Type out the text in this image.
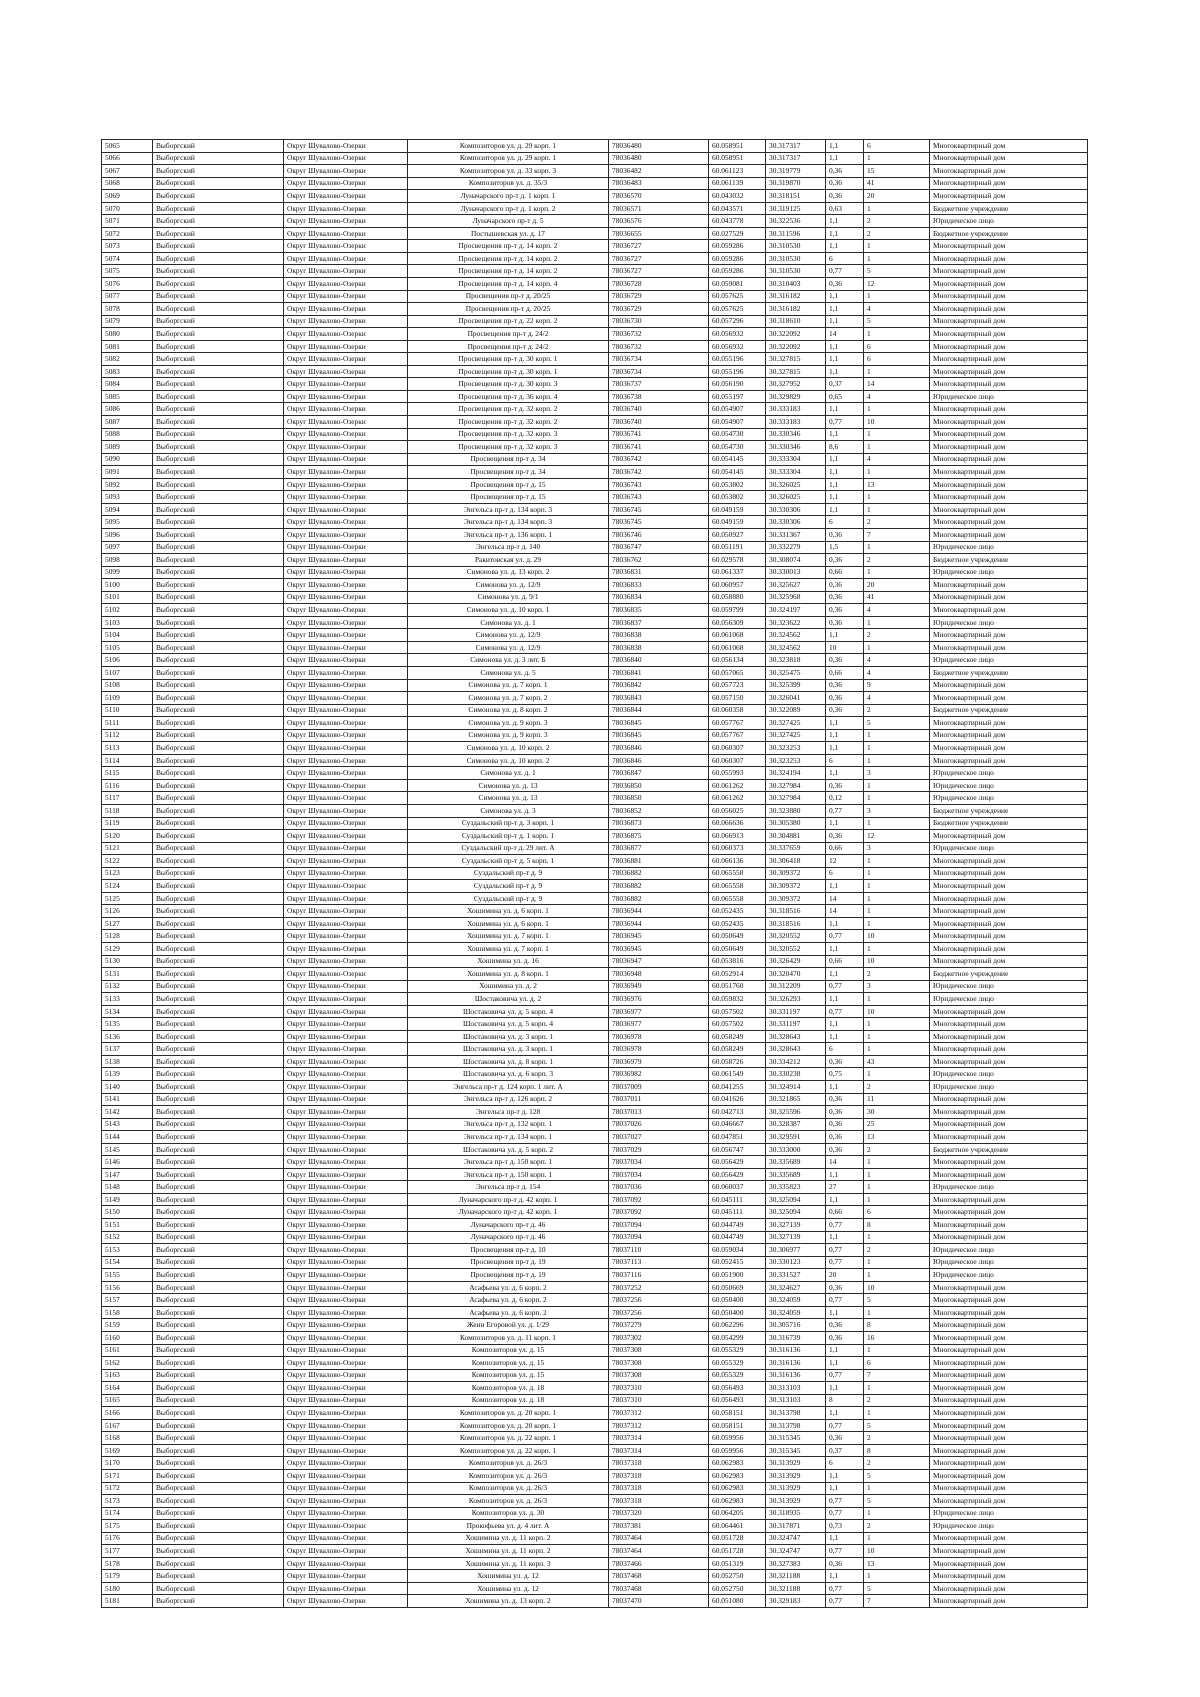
5065	Выборгский	Округ Шувалово-Озерки	Композиторов ул. д. 29 корп. 1	78036480	60.058951	30.317317	1,1	6	Многоквартирный дом
5066	Выборгский	Округ Шувалово-Озерки	Композиторов ул. д. 29 корп. 1	78036480	60.058951	30.317317	1,1	1	Многоквартирный дом
5067	Выборгский	Округ Шувалово-Озерки	Композиторов ул. д. 33 корп. 3	78036482	60.061123	30.319779	0,36	15	Многоквартирный дом
5068	Выборгский	Округ Шувалово-Озерки	Композиторов ул. д. 35/3	78036483	60.061139	30.319870	0,36	41	Многоквартирный дом
5069	Выборгский	Округ Шувалово-Озерки	Луначарского пр-т д. 1 корп. 1	78036570	60.043032	30.318151	0,36	20	Многоквартирный дом
5070	Выборгский	Округ Шувалово-Озерки	Луначарского пр-т д. 1 корп. 2	78036571	60.043571	30.319125	0,63	1	Бюджетное учреждение
5071	Выборгский	Округ Шувалово-Озерки	Луначарского пр-т д. 5	78036576	60.043778	30.322536	1,1	2	Юридическое лицо
5072	Выборгский	Округ Шувалово-Озерки	Постышевская ул. д. 17	78036655	60.027529	30.311596	1,1	2	Бюджетное учреждение
5073	Выборгский	Округ Шувалово-Озерки	Просвещения пр-т д. 14 корп. 2	78036727	60.059286	30.310530	1,1	1	Многоквартирный дом
5074	Выборгский	Округ Шувалово-Озерки	Просвещения пр-т д. 14 корп. 2	78036727	60.059286	30.310530	6	1	Многоквартирный дом
5075	Выборгский	Округ Шувалово-Озерки	Просвещения пр-т д. 14 корп. 2	78036727	60.059286	30.310530	0,77	5	Многоквартирный дом
5076	Выборгский	Округ Шувалово-Озерки	Просвещения пр-т д. 14 корп. 4	78036728	60.059081	30.310403	0,36	12	Многоквартирный дом
5077	Выборгский	Округ Шувалово-Озерки	Просвещения пр-т д. 20/25	78036729	60.057625	30.316182	1,1	1	Многоквартирный дом
5078	Выборгский	Округ Шувалово-Озерки	Просвещения пр-т д. 20/25	78036729	60.057625	30.316182	1,1	4	Многоквартирный дом
5079	Выборгский	Округ Шувалово-Озерки	Просвещения пр-т д. 22 корп. 2	78036730	60.057296	30.318610	1,1	5	Многоквартирный дом
5080	Выборгский	Округ Шувалово-Озерки	Просвещения пр-т д. 24/2	78036732	60.056932	30.322092	14	1	Многоквартирный дом
5081	Выборгский	Округ Шувалово-Озерки	Просвещения пр-т д. 24/2	78036732	60.056932	30.322092	1,1	6	Многоквартирный дом
5082	Выборгский	Округ Шувалово-Озерки	Просвещения пр-т д. 30 корп. 1	78036734	60.055196	30.327815	1,1	6	Многоквартирный дом
5083	Выборгский	Округ Шувалово-Озерки	Просвещения пр-т д. 30 корп. 1	78036734	60.055196	30.327815	1,1	1	Многоквартирный дом
5084	Выборгский	Округ Шувалово-Озерки	Просвещения пр-т д. 30 корп. 3	78036737	60.056190	30.327952	0,37	14	Многоквартирный дом
5085	Выборгский	Округ Шувалово-Озерки	Просвещения пр-т д. 36 корп. 4	78036738	60.055197	30.329829	0,65	4	Юридическое лицо
5086	Выборгский	Округ Шувалово-Озерки	Просвещения пр-т д. 32 корп. 2	78036740	60.054907	30.333183	1,1	1	Многоквартирный дом
5087	Выборгский	Округ Шувалово-Озерки	Просвещения пр-т д. 32 корп. 2	78036740	60.054907	30.333183	0,77	10	Многоквартирный дом
5088	Выборгский	Округ Шувалово-Озерки	Просвещения пр-т д. 32 корп. 3	78036741	60.054730	30.330346	1,1	1	Многоквартирный дом
5089	Выборгский	Округ Шувалово-Озерки	Просвещения пр-т д. 32 корп. 3	78036741	60.054730	30.330346	8,6	1	Многоквартирный дом
5090	Выборгский	Округ Шувалово-Озерки	Просвещения пр-т д. 34	78036742	60.054145	30.333304	1,1	4	Многоквартирный дом
5091	Выборгский	Округ Шувалово-Озерки	Просвещения пр-т д. 34	78036742	60.054145	30.333304	1,1	1	Многоквартирный дом
5092	Выборгский	Округ Шувалово-Озерки	Просвещения пр-т д. 15	78036743	60.053802	30.326025	1,1	13	Многоквартирный дом
5093	Выборгский	Округ Шувалово-Озерки	Просвещения пр-т д. 15	78036743	60.053802	30.326025	1,1	1	Многоквартирный дом
5094	Выборгский	Округ Шувалово-Озерки	Энгельса пр-т д. 134 корп. 3	78036745	60.049159	30.330306	1,1	1	Многоквартирный дом
5095	Выборгский	Округ Шувалово-Озерки	Энгельса пр-т д. 134 корп. 3	78036745	60.049159	30.330306	6	2	Многоквартирный дом
5096	Выборгский	Округ Шувалово-Озерки	Энгельса пр-т д. 136 корп. 1	78036746	60.050927	30.331367	0,36	7	Многоквартирный дом
5097	Выборгский	Округ Шувалово-Озерки	Энгельса пр-т д. 140	78036747	60.051191	30.332279	1,5	1	Юридическое лицо
5098	Выборгский	Округ Шувалово-Озерки	Ракитовская ул. д. 29	78036762	60.029578	30.308074	0,36	2	Бюджетное учреждение
5099	Выборгский	Округ Шувалово-Озерки	Симонова ул. д. 13 корп. 2	78036831	60.061337	30.330013	0,66	1	Юридическое лицо
5100	Выборгский	Округ Шувалово-Озерки	Симонова ул. д. 12/9	78036833	60.060957	30.325627	0,36	20	Многоквартирный дом
5101	Выборгский	Округ Шувалово-Озерки	Симонова ул. д. 9/1	78036834	60.058880	30.325968	0,36	41	Многоквартирный дом
5102	Выборгский	Округ Шувалово-Озерки	Симонова ул. д. 10 корп. 1	78036835	60.059799	30.324197	0,36	4	Многоквартирный дом
5103	Выборгский	Округ Шувалово-Озерки	Симонова ул. д. 1	78036837	60.056309	30.323622	0,36	1	Юридическое лицо
5104	Выборгский	Округ Шувалово-Озерки	Симонова ул. д. 12/9	78036838	60.061068	30.324562	1,1	2	Многоквартирный дом
5105	Выборгский	Округ Шувалово-Озерки	Симонова ул. д. 12/9	78036838	60.061068	30.324562	10	1	Многоквартирный дом
5106	Выборгский	Округ Шувалово-Озерки	Симонова ул. д. 3 лит. Б	78036840	60.056134	30.323818	0,36	4	Юридическое лицо
5107	Выборгский	Округ Шувалово-Озерки	Симонова ул. д. 5	78036841	60.057065	30.325475	0,66	4	Бюджетное учреждение
5108	Выборгский	Округ Шувалово-Озерки	Симонова ул. д. 7 корп. 1	78036842	60.057723	30.325399	0,36	9	Многоквартирный дом
5109	Выборгский	Округ Шувалово-Озерки	Симонова ул. д. 7 корп. 2	78036843	60.057150	30.326041	0,36	4	Многоквартирный дом
5110	Выборгский	Округ Шувалово-Озерки	Симонова ул. д. 8 корп. 2	78036844	60.060358	30.322089	0,36	2	Бюджетное учреждение
5111	Выборгский	Округ Шувалово-Озерки	Симонова ул. д. 9 корп. 3	78036845	60.057767	30.327425	1,1	5	Многоквартирный дом
5112	Выборгский	Округ Шувалово-Озерки	Симонова ул. д. 9 корп. 3	78036845	60.057767	30.327425	1,1	1	Многоквартирный дом
5113	Выборгский	Округ Шувалово-Озерки	Симонова ул. д. 10 корп. 2	78036846	60.060307	30.323253	1,1	1	Многоквартирный дом
5114	Выборгский	Округ Шувалово-Озерки	Симонова ул. д. 10 корп. 2	78036846	60.060307	30.323253	6	1	Многоквартирный дом
5115	Выборгский	Округ Шувалово-Озерки	Симонова ул. д. 1	78036847	60.055993	30.324194	1,1	3	Юридическое лицо
5116	Выборгский	Округ Шувалово-Озерки	Симонова ул. д. 13	78036850	60.061262	30.327984	0,36	1	Юридическое лицо
5117	Выборгский	Округ Шувалово-Озерки	Симонова ул. д. 13	78036850	60.061262	30.327984	0,12	1	Юридическое лицо
5118	Выборгский	Округ Шувалово-Озерки	Симонова ул. д. 3	78036852	60.056025	30.323880	0,77	3	Бюджетное учреждение
5119	Выборгский	Округ Шувалово-Озерки	Суздальский пр-т д. 3 корп. 1	78036873	60.066636	30.305380	1,1	1	Бюджетное учреждение
5120	Выборгский	Округ Шувалово-Озерки	Суздальский пр-т д. 1 корп. 1	78036875	60.066913	30.304881	0,36	12	Многоквартирный дом
5121	Выборгский	Округ Шувалово-Озерки	Суздальский пр-т д. 29 лит. А	78036877	60.060373	30.337659	0,66	3	Юридическое лицо
5122	Выборгский	Округ Шувалово-Озерки	Суздальский пр-т д. 5 корп. 1	78036881	60.066136	30.306418	12	1	Многоквартирный дом
5123	Выборгский	Округ Шувалово-Озерки	Суздальский пр-т д. 9	78036882	60.065558	30.309372	6	1	Многоквартирный дом
5124	Выборгский	Округ Шувалово-Озерки	Суздальский пр-т д. 9	78036882	60.065558	30.309372	1,1	1	Многоквартирный дом
5125	Выборгский	Округ Шувалово-Озерки	Суздальский пр-т д. 9	78036882	60.065558	30.309372	14	1	Многоквартирный дом
5126	Выборгский	Округ Шувалово-Озерки	Хошимина ул. д. 6 корп. 1	78036944	60.052435	30.318516	14	1	Многоквартирный дом
5127	Выборгский	Округ Шувалово-Озерки	Хошимина ул. д. 6 корп. 1	78036944	60.052435	30.318516	1,1	1	Многоквартирный дом
5128	Выборгский	Округ Шувалово-Озерки	Хошимина ул. д. 7 корп. 1	78036945	60.050649	30.320552	0,77	10	Многоквартирный дом
5129	Выборгский	Округ Шувалово-Озерки	Хошимина ул. д. 7 корп. 1	78036945	60.050649	30.320552	1,1	1	Многоквартирный дом
5130	Выборгский	Округ Шувалово-Озерки	Хошимина ул. д. 16	78036947	60.053816	30.326429	0,66	10	Многоквартирный дом
5131	Выборгский	Округ Шувалово-Озерки	Хошимина ул. д. 8 корп. 1	78036948	60.052914	30.320470	1,1	2	Бюджетное учреждение
5132	Выборгский	Округ Шувалово-Озерки	Хошимина ул. д. 2	78036949	60.051760	30.312209	0,77	3	Юридическое лицо
5133	Выборгский	Округ Шувалово-Озерки	Шостаковича ул. д. 2	78036976	60.059832	30.326293	1,1	1	Юридическое лицо
5134	Выборгский	Округ Шувалово-Озерки	Шостаковича ул. д. 5 корп. 4	78036977	60.057502	30.331197	0,77	10	Многоквартирный дом
5135	Выборгский	Округ Шувалово-Озерки	Шостаковича ул. д. 5 корп. 4	78036977	60.057502	30.331197	1,1	1	Многоквартирный дом
5136	Выборгский	Округ Шувалово-Озерки	Шостаковича ул. д. 3 корп. 1	78036978	60.058249	30.328643	1,1	1	Многоквартирный дом
5137	Выборгский	Округ Шувалово-Озерки	Шостаковича ул. д. 3 корп. 1	78036978	60.058249	30.328643	6	1	Многоквартирный дом
5138	Выборгский	Округ Шувалово-Озерки	Шостаковича ул. д. 8 корп. 1	78036979	60.058726	30.334212	0,36	43	Многоквартирный дом
5139	Выборгский	Округ Шувалово-Озерки	Шостаковича ул. д. 6 корп. 3	78036982	60.061549	30.330238	0,75	1	Юридическое лицо
5140	Выборгский	Округ Шувалово-Озерки	Энгельса пр-т д. 124 корп. 1 лит. А	78037009	60.041255	30.324914	1,1	2	Юридическое лицо
5141	Выборгский	Округ Шувалово-Озерки	Энгельса пр-т д. 126 корп. 2	78037011	60.041626	30.321865	0,36	11	Многоквартирный дом
5142	Выборгский	Округ Шувалово-Озерки	Энгельса пр-т д. 128	78037013	60.042713	30.325596	0,36	30	Многоквартирный дом
5143	Выборгский	Округ Шувалово-Озерки	Энгельса пр-т д. 132 корп. 1	78037026	60.046667	30.328387	0,36	25	Многоквартирный дом
5144	Выборгский	Округ Шувалово-Озерки	Энгельса пр-т д. 134 корп. 1	78037027	60.047851	30.329591	0,36	13	Многоквартирный дом
5145	Выборгский	Округ Шувалово-Озерки	Шостаковича ул. д. 5 корп. 2	78037029	60.056747	30.333000	0,36	2	Бюджетное учреждение
5146	Выборгский	Округ Шувалово-Озерки	Энгельса пр-т д. 150 корп. 1	78037034	60.056429	30.335689	14	1	Многоквартирный дом
5147	Выборгский	Округ Шувалово-Озерки	Энгельса пр-т д. 150 корп. 1	78037034	60.056429	30.335689	1,1	1	Многоквартирный дом
5148	Выборгский	Округ Шувалово-Озерки	Энгельса пр-т д. 154	78037036	60.060037	30.335823	27	1	Юридическое лицо
5149	Выборгский	Округ Шувалово-Озерки	Луначарского пр-т д. 42 корп. 1	78037092	60.045111	30.325094	1,1	1	Многоквартирный дом
5150	Выборгский	Округ Шувалово-Озерки	Луначарского пр-т д. 42 корп. 1	78037092	60.045111	30.325094	0,66	6	Многоквартирный дом
5151	Выборгский	Округ Шувалово-Озерки	Луначарского пр-т д. 46	78037094	60.044749	30.327139	0,77	8	Многоквартирный дом
5152	Выборгский	Округ Шувалово-Озерки	Луначарского пр-т д. 46	78037094	60.044749	30.327139	1,1	1	Многоквартирный дом
5153	Выборгский	Округ Шувалово-Озерки	Просвещения пр-т д. 10	78037110	60.059034	30.306977	0,77	2	Юридическое лицо
5154	Выборгский	Округ Шувалово-Озерки	Просвещения пр-т д. 19	78037113	60.052415	30.330123	0,77	1	Юридическое лицо
5155	Выборгский	Округ Шувалово-Озерки	Просвещения пр-т д. 19	78037116	60.051900	30.331527	20	1	Юридическое лицо
5156	Выборгский	Округ Шувалово-Озерки	Асафьева ул. д. 6 корп. 2	78037252	60.050669	30.324627	0,36	10	Многоквартирный дом
5157	Выборгский	Округ Шувалово-Озерки	Асафьева ул. д. 6 корп. 2	78037256	60.050400	30.324059	0,77	5	Многоквартирный дом
5158	Выборгский	Округ Шувалово-Озерки	Асафьева ул. д. 6 корп. 2	78037256	60.050400	30.324059	1,1	1	Многоквартирный дом
5159	Выборгский	Округ Шувалово-Озерки	Жени Егоровой ул. д. 1/29	78037279	60.062296	30.305716	0,36	8	Многоквартирный дом
5160	Выборгский	Округ Шувалово-Озерки	Композиторов ул. д. 11 корп. 1	78037302	60.054299	30.316739	0,36	16	Многоквартирный дом
5161	Выборгский	Округ Шувалово-Озерки	Композиторов ул. д. 15	78037308	60.055329	30.316136	1,1	1	Многоквартирный дом
5162	Выборгский	Округ Шувалово-Озерки	Композиторов ул. д. 15	78037308	60.055329	30.316136	1,1	6	Многоквартирный дом
5163	Выборгский	Округ Шувалово-Озерки	Композиторов ул. д. 15	78037308	60.055329	30.316136	0,77	7	Многоквартирный дом
5164	Выборгский	Округ Шувалово-Озерки	Композиторов ул. д. 18	78037310	60.056493	30.313103	1,1	1	Многоквартирный дом
5165	Выборгский	Округ Шувалово-Озерки	Композиторов ул. д. 18	78037310	60.056493	30.313103	8	2	Многоквартирный дом
5166	Выборгский	Округ Шувалово-Озерки	Композиторов ул. д. 20 корп. 1	78037312	60.058151	30.313798	1,1	1	Многоквартирный дом
5167	Выборгский	Округ Шувалово-Озерки	Композиторов ул. д. 20 корп. 1	78037312	60.058151	30.313798	0,77	5	Многоквартирный дом
5168	Выборгский	Округ Шувалово-Озерки	Композиторов ул. д. 22 корп. 1	78037314	60.059956	30.315345	0,36	2	Многоквартирный дом
5169	Выборгский	Округ Шувалово-Озерки	Композиторов ул. д. 22 корп. 1	78037314	60.059956	30.315345	0,37	8	Многоквартирный дом
5170	Выборгский	Округ Шувалово-Озерки	Композиторов ул. д. 26/3	78037318	60.062983	30.313929	6	2	Многоквартирный дом
5171	Выборгский	Округ Шувалово-Озерки	Композиторов ул. д. 26/3	78037318	60.062983	30.313929	1,1	5	Многоквартирный дом
5172	Выборгский	Округ Шувалово-Озерки	Композиторов ул. д. 26/3	78037318	60.062983	30.313929	1,1	1	Многоквартирный дом
5173	Выборгский	Округ Шувалово-Озерки	Композиторов ул. д. 26/3	78037318	60.062983	30.313929	0,77	5	Многоквартирный дом
5174	Выборгский	Округ Шувалово-Озерки	Композиторов ул. д. 30	78037320	60.064205	30.318935	0,77	1	Юридическое лицо
5175	Выборгский	Округ Шувалово-Озерки	Прокофьева ул. д. 4 лит. А	78037381	60.064461	30.317871	0,73	2	Юридическое лицо
5176	Выборгский	Округ Шувалово-Озерки	Хошимина ул. д. 11 корп. 2	78037464	60.051728	30.324747	1,1	1	Многоквартирный дом
5177	Выборгский	Округ Шувалово-Озерки	Хошимина ул. д. 11 корп. 2	78037464	60.051728	30.324747	0,77	10	Многоквартирный дом
5178	Выборгский	Округ Шувалово-Озерки	Хошимина ул. д. 11 корп. 3	78037466	60.051319	30.327383	0,36	13	Многоквартирный дом
5179	Выборгский	Округ Шувалово-Озерки	Хошимина ул. д. 12	78037468	60.052750	30.321188	1,1	1	Многоквартирный дом
5180	Выборгский	Округ Шувалово-Озерки	Хошимина ул. д. 12	78037468	60.052750	30.321188	0,77	5	Многоквартирный дом
5181	Выборгский	Округ Шувалово-Озерки	Хошимина ул. д. 13 корп. 2	78037470	60.051080	30.329183	0,77	7	Многоквартирный дом
